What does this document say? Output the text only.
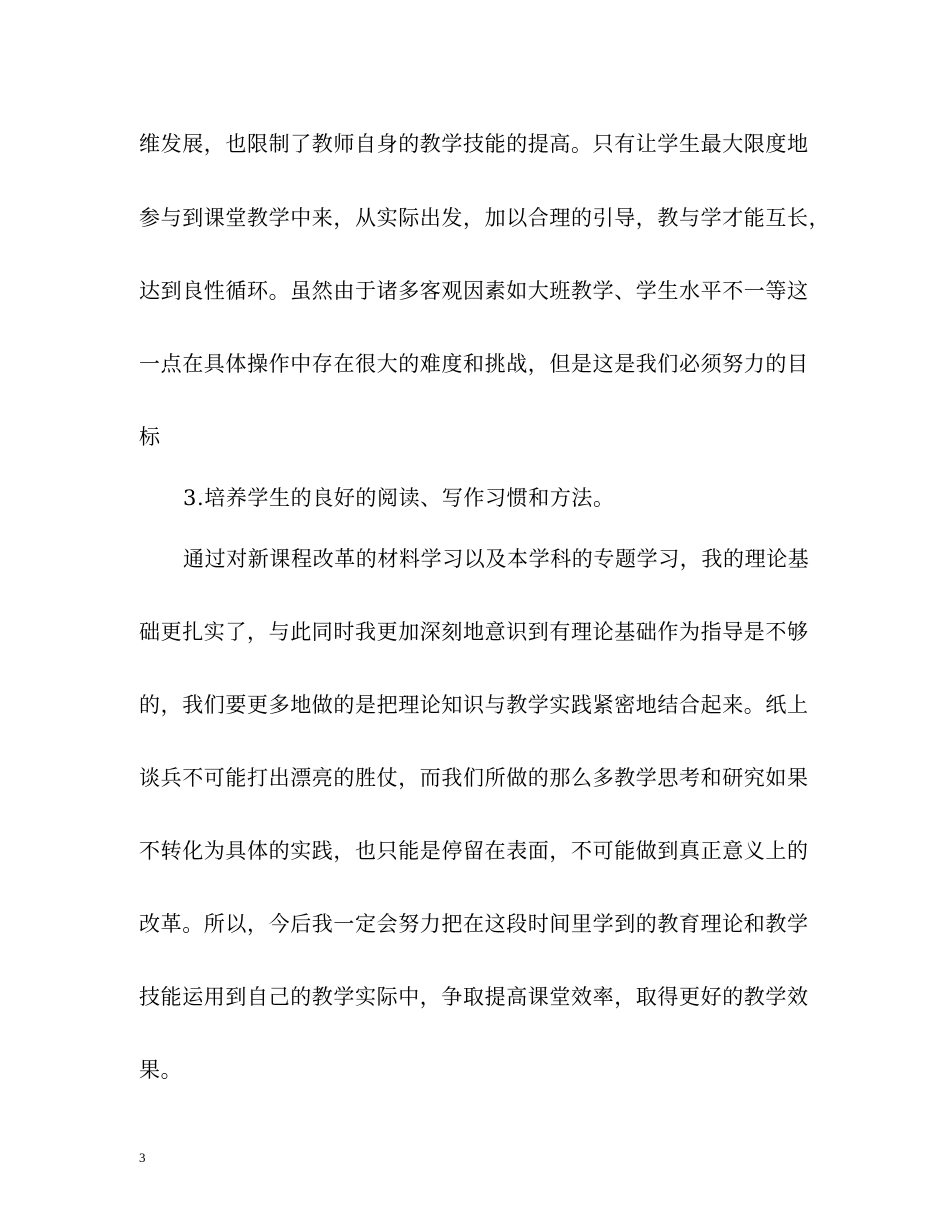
维发展，也限制了教师自身的教学技能的提高。只有让学生最大限度地
参与到课堂教学中来，从实际出发，加以合理的引导，教与学才能互长，
达到良性循环。虽然由于诸多客观因素如大班教学、学生水平不一等这
一点在具体操作中存在很大的难度和挑战，但是这是我们必须努力的目
标
3.培养学生的良好的阅读、写作习惯和方法。
通过对新课程改革的材料学习以及本学科的专题学习，我的理论基
础更扎实了，与此同时我更加深刻地意识到有理论基础作为指导是不够
的，我们要更多地做的是把理论知识与教学实践紧密地结合起来。纸上
谈兵不可能打出漂亮的胜仗，而我们所做的那么多教学思考和研究如果
不转化为具体的实践，也只能是停留在表面，不可能做到真正意义上的
改革。所以，今后我一定会努力把在这段时间里学到的教育理论和教学
技能运用到自己的教学实际中，争取提高课堂效率，取得更好的教学效
果。
3
